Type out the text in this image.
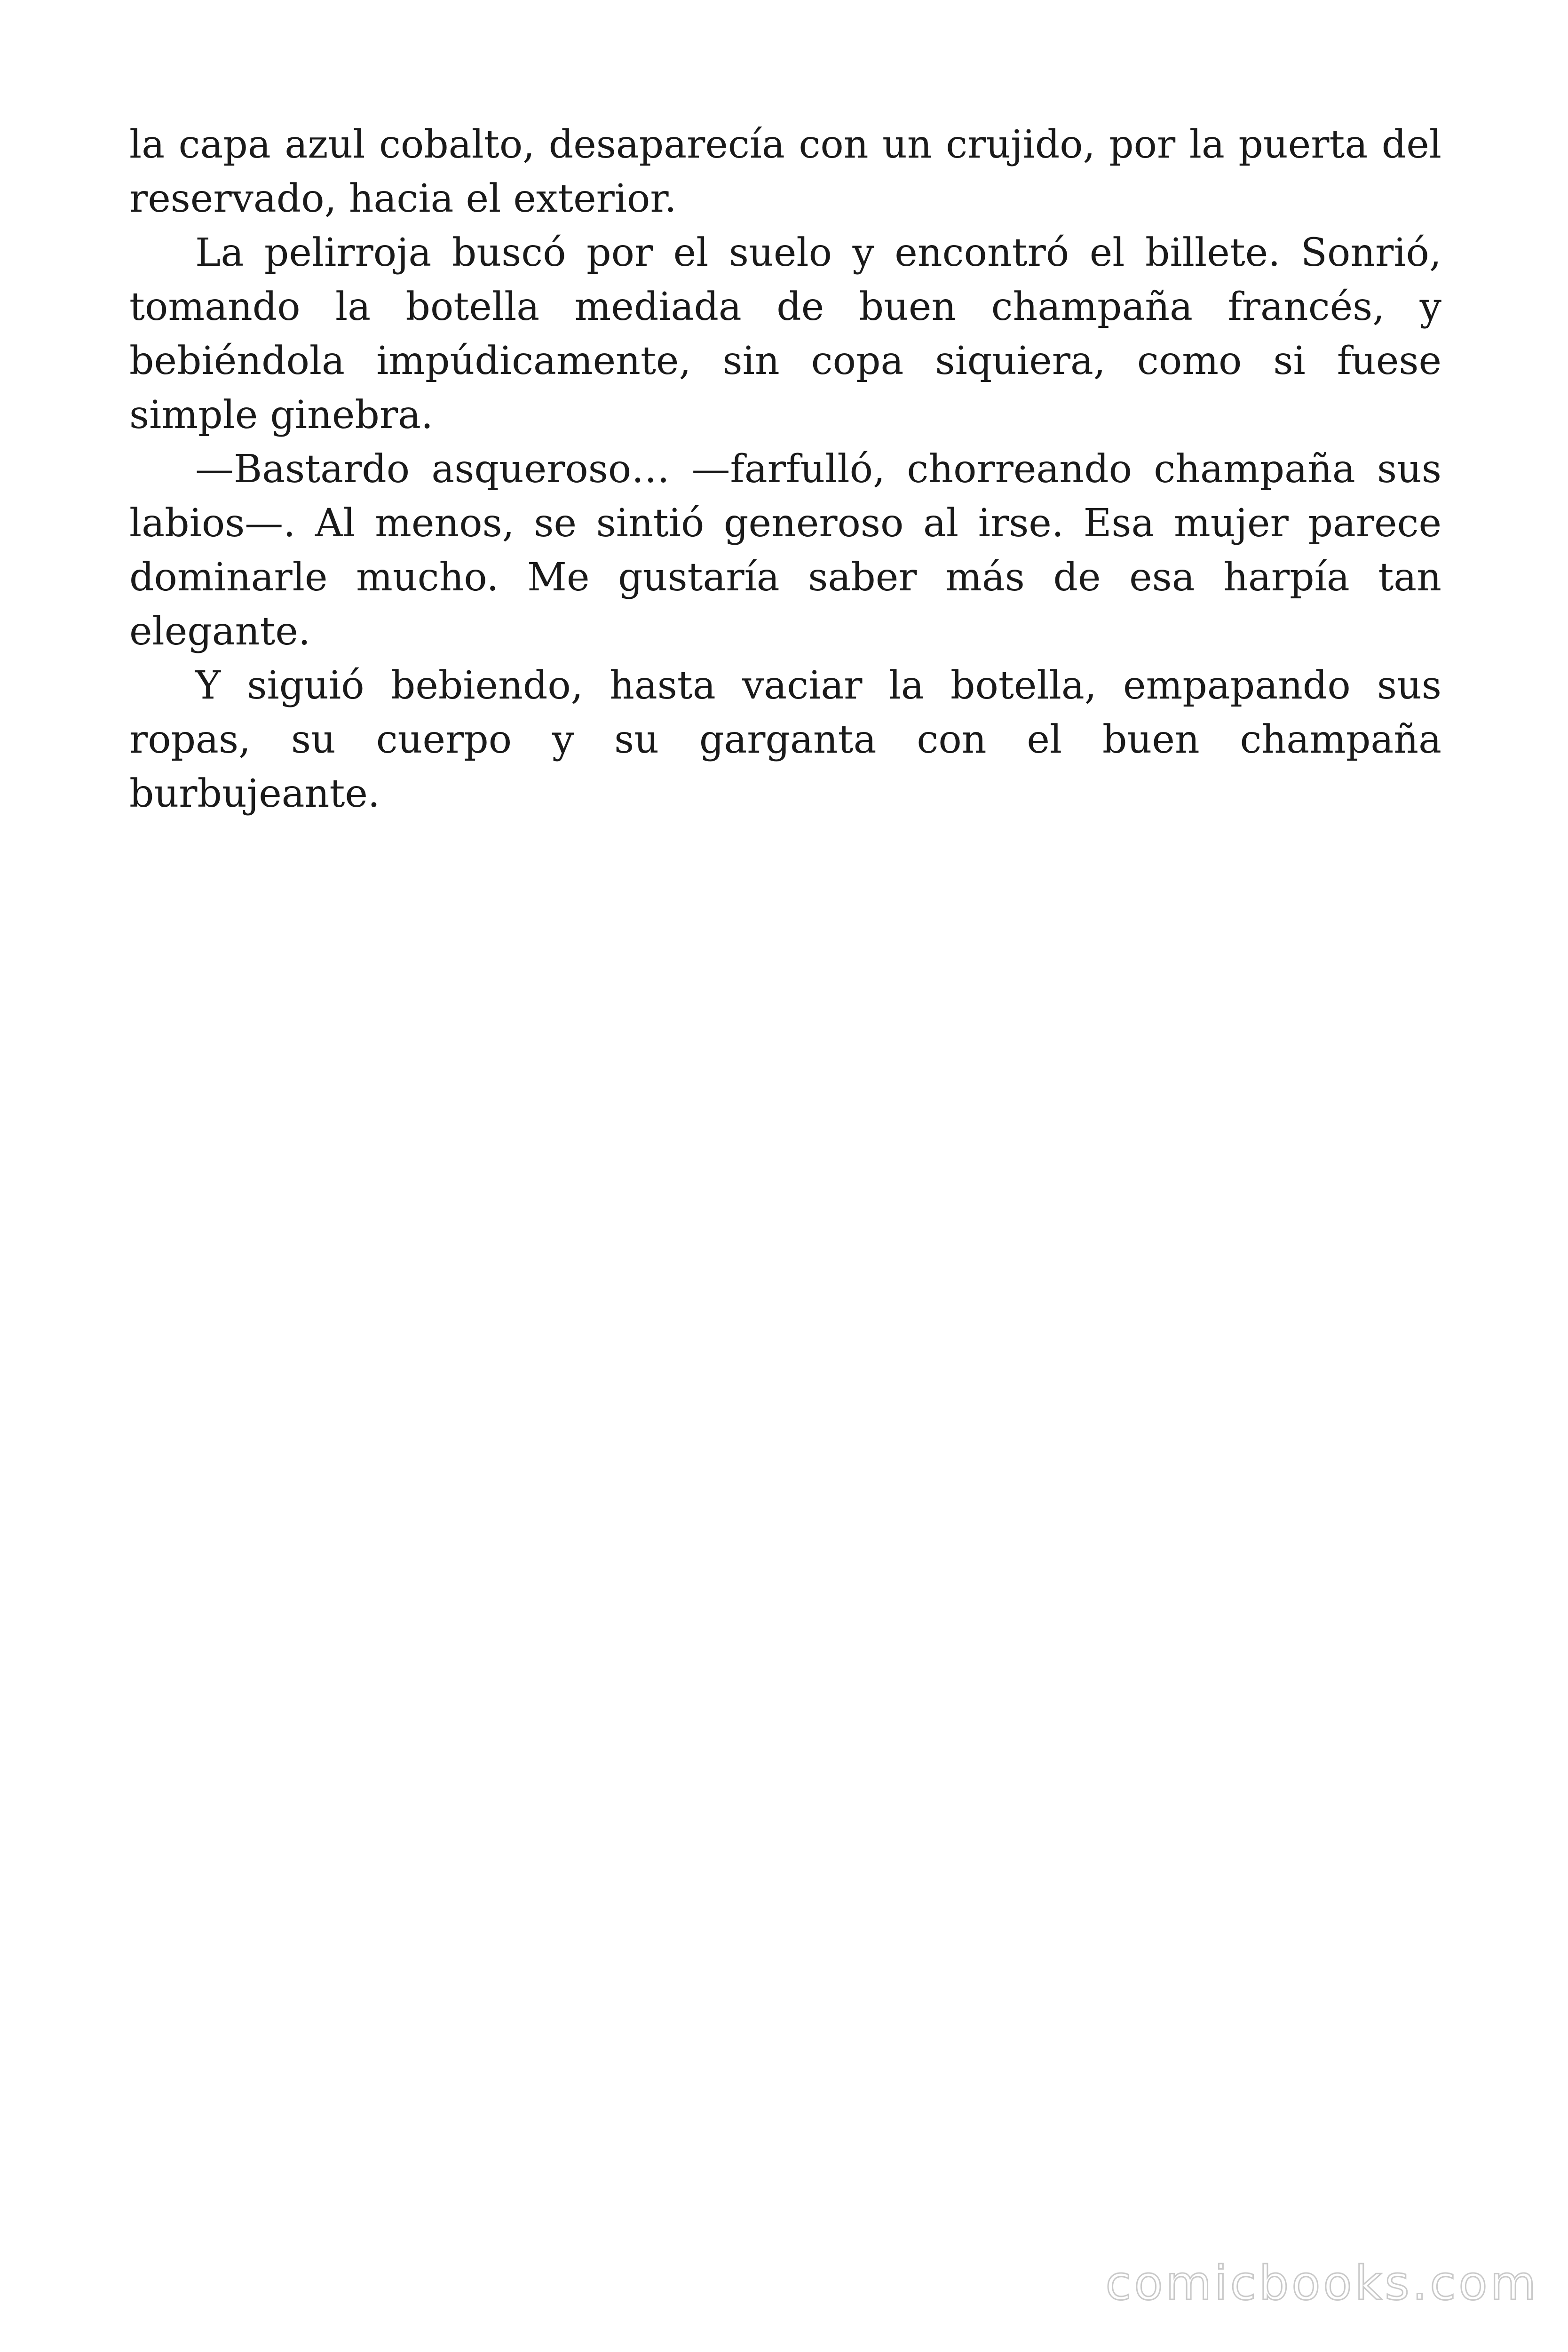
la capa azul cobalto, desaparecía con un crujido, por la puerta del reservado, hacia el exterior.

La pelirroja buscó por el suelo y encontró el billete. Sonrió, tomando la botella mediada de buen champaña francés, y bebiéndola impúdicamente, sin copa siquiera, como si fuese simple ginebra.

—Bastardo asqueroso… —farfulló, chorreando champaña sus labios—. Al menos, se sintió generoso al irse. Esa mujer parece dominarle mucho. Me gustaría saber más de esa harpía tan elegante.

Y siguió bebiendo, hasta vaciar la botella, empapando sus ropas, su cuerpo y su garganta con el buen champaña burbujeante.

comicbooks.com
